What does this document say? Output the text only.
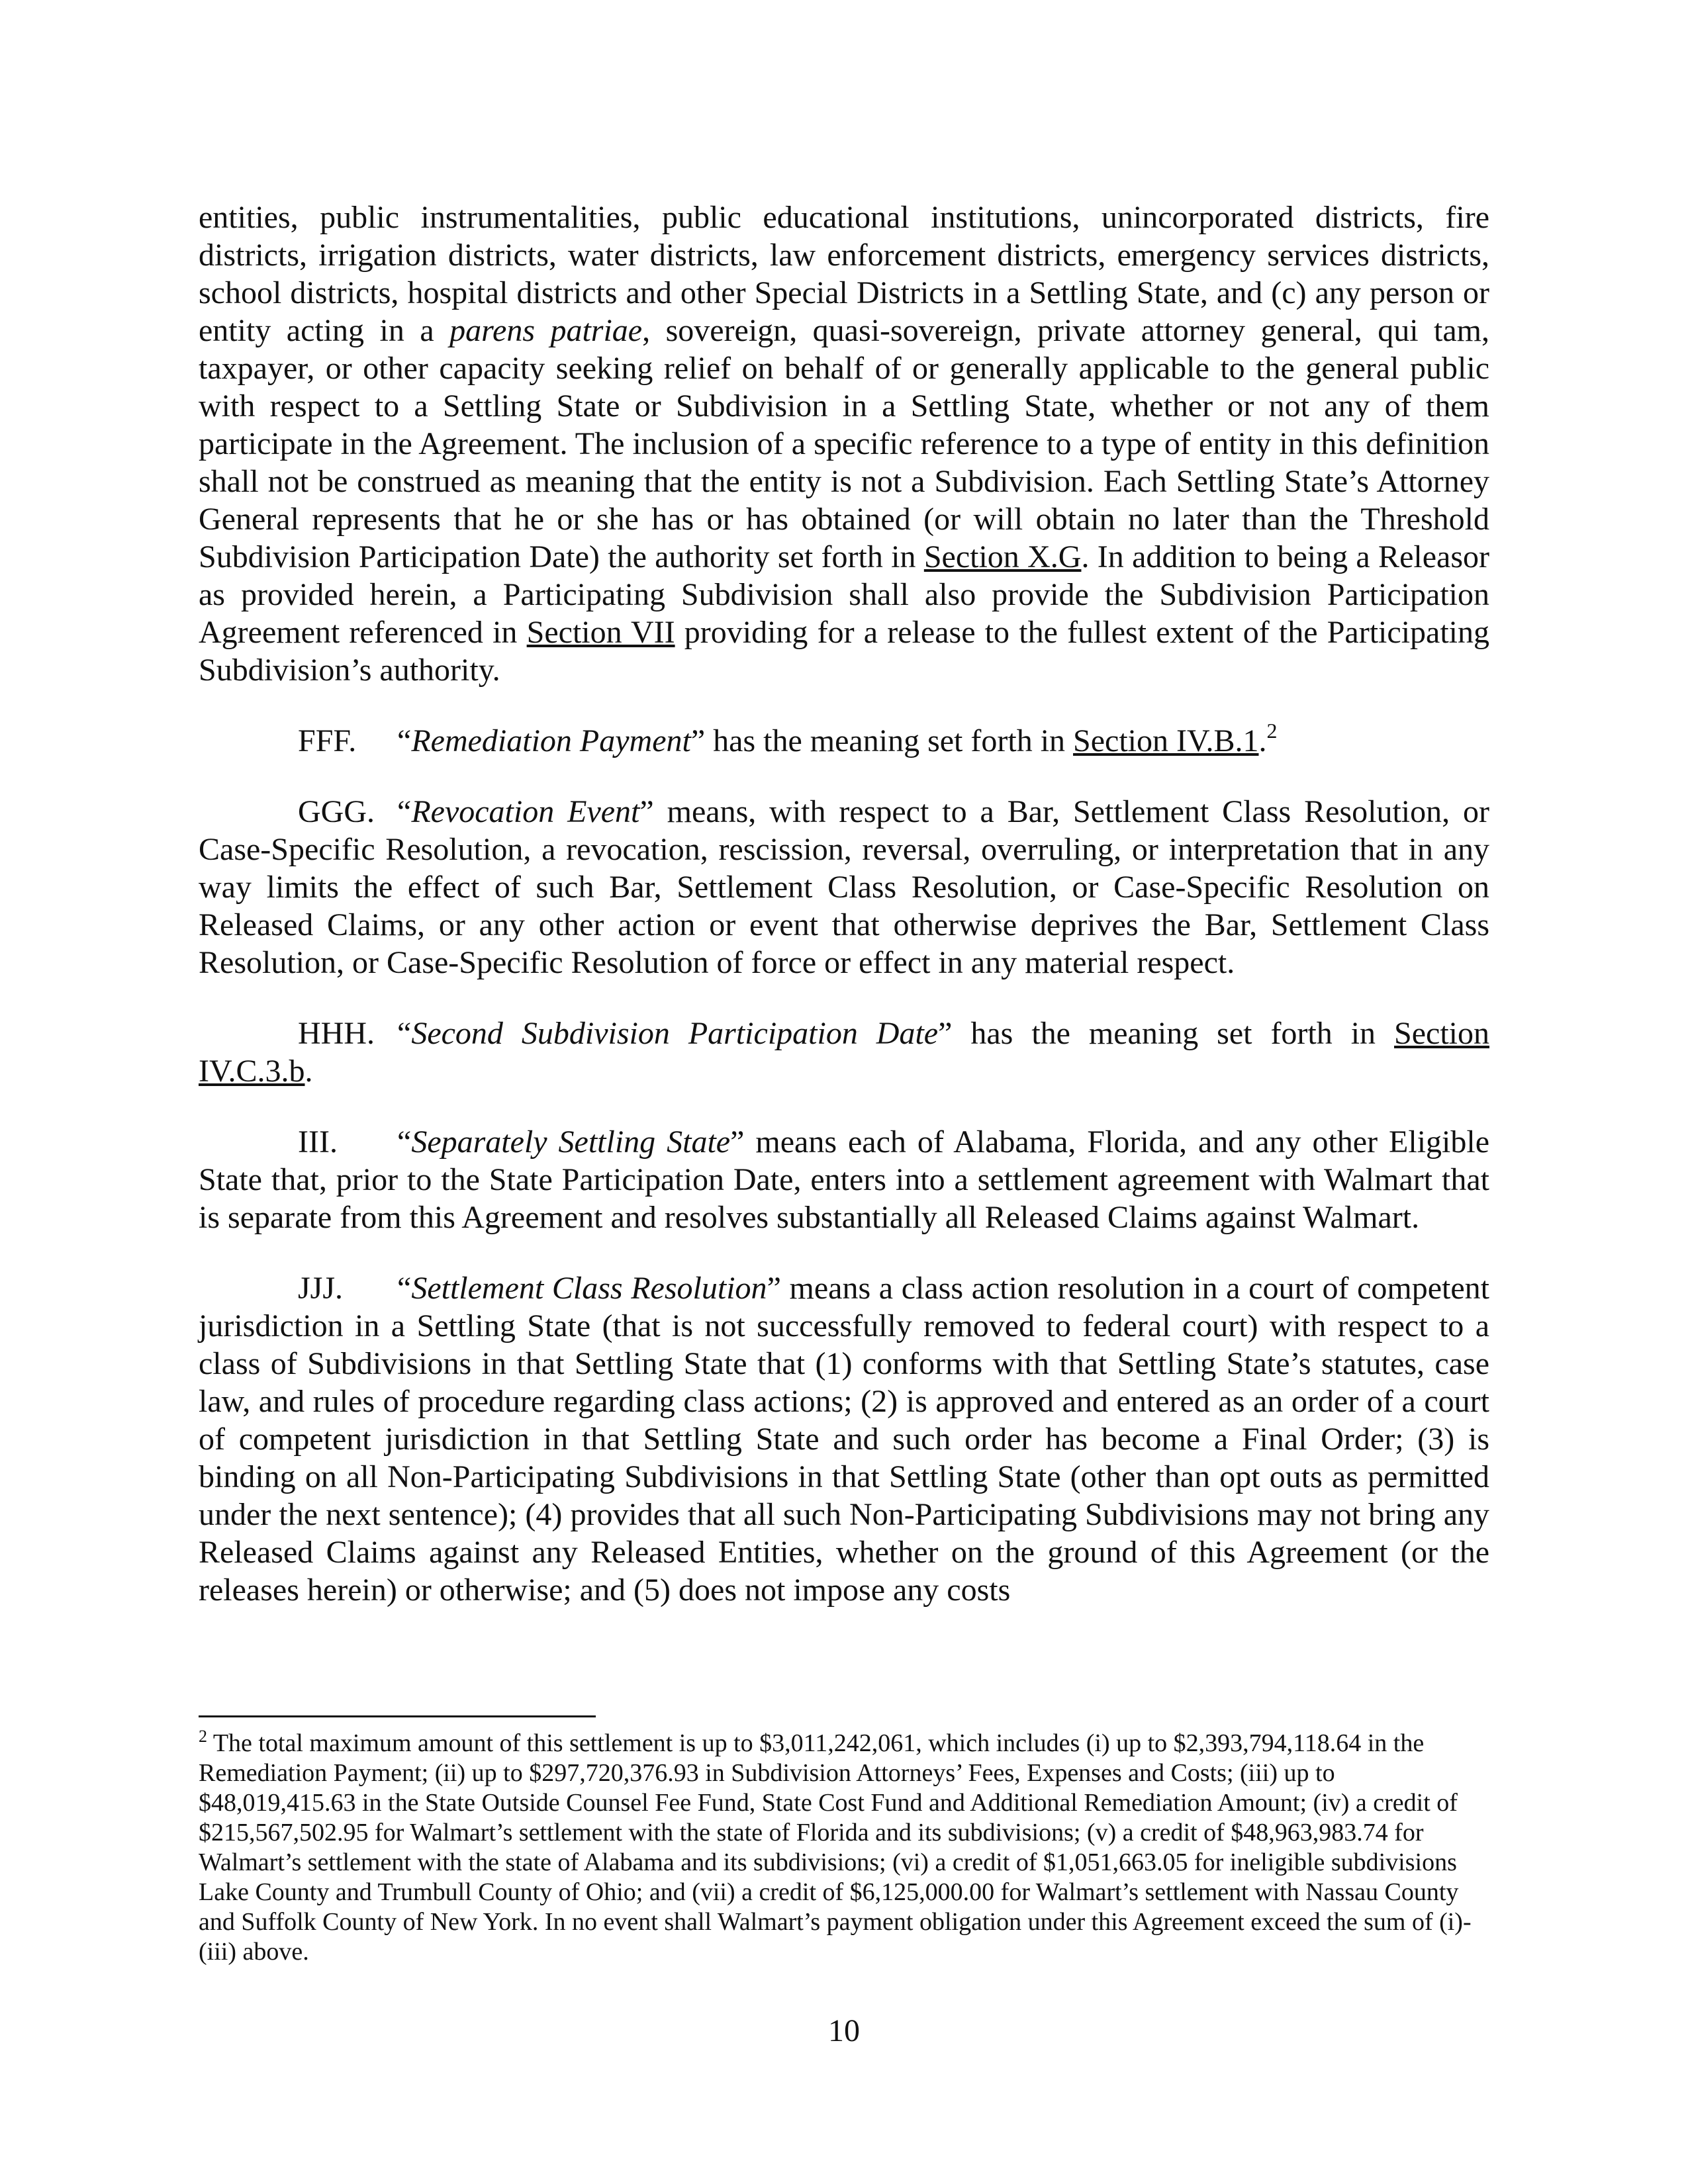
entities, public instrumentalities, public educational institutions, unincorporated districts, fire districts, irrigation districts, water districts, law enforcement districts, emergency services districts, school districts, hospital districts and other Special Districts in a Settling State, and (c) any person or entity acting in a parens patriae, sovereign, quasi-sovereign, private attorney general, qui tam, taxpayer, or other capacity seeking relief on behalf of or generally applicable to the general public with respect to a Settling State or Subdivision in a Settling State, whether or not any of them participate in the Agreement. The inclusion of a specific reference to a type of entity in this definition shall not be construed as meaning that the entity is not a Subdivision. Each Settling State’s Attorney General represents that he or she has or has obtained (or will obtain no later than the Threshold Subdivision Participation Date) the authority set forth in Section X.G. In addition to being a Releasor as provided herein, a Participating Subdivision shall also provide the Subdivision Participation Agreement referenced in Section VII providing for a release to the fullest extent of the Participating Subdivision’s authority.

FFF. “Remediation Payment” has the meaning set forth in Section IV.B.1.$^2$

GGG. “Revocation Event” means, with respect to a Bar, Settlement Class Resolution, or Case-Specific Resolution, a revocation, rescission, reversal, overruling, or interpretation that in any way limits the effect of such Bar, Settlement Class Resolution, or Case-Specific Resolution on Released Claims, or any other action or event that otherwise deprives the Bar, Settlement Class Resolution, or Case-Specific Resolution of force or effect in any material respect.

HHH. “Second Subdivision Participation Date” has the meaning set forth in Section IV.C.3.b.

III. “Separately Settling State” means each of Alabama, Florida, and any other Eligible State that, prior to the State Participation Date, enters into a settlement agreement with Walmart that is separate from this Agreement and resolves substantially all Released Claims against Walmart.

JJJ. “Settlement Class Resolution” means a class action resolution in a court of competent jurisdiction in a Settling State (that is not successfully removed to federal court) with respect to a class of Subdivisions in that Settling State that (1) conforms with that Settling State’s statutes, case law, and rules of procedure regarding class actions; (2) is approved and entered as an order of a court of competent jurisdiction in that Settling State and such order has become a Final Order; (3) is binding on all Non-Participating Subdivisions in that Settling State (other than opt outs as permitted under the next sentence); (4) provides that all such Non-Participating Subdivisions may not bring any Released Claims against any Released Entities, whether on the ground of this Agreement (or the releases herein) or otherwise; and (5) does not impose any costs

$^2$ The total maximum amount of this settlement is up to $3,011,242,061, which includes (i) up to $2,393,794,118.64 in the Remediation Payment; (ii) up to $297,720,376.93 in Subdivision Attorneys’ Fees, Expenses and Costs; (iii) up to $48,019,415.63 in the State Outside Counsel Fee Fund, State Cost Fund and Additional Remediation Amount; (iv) a credit of $215,567,502.95 for Walmart’s settlement with the state of Florida and its subdivisions; (v) a credit of $48,963,983.74 for Walmart’s settlement with the state of Alabama and its subdivisions; (vi) a credit of $1,051,663.05 for ineligible subdivisions Lake County and Trumbull County of Ohio; and (vii) a credit of $6,125,000.00 for Walmart’s settlement with Nassau County and Suffolk County of New York. In no event shall Walmart’s payment obligation under this Agreement exceed the sum of (i)-(iii) above.
10
